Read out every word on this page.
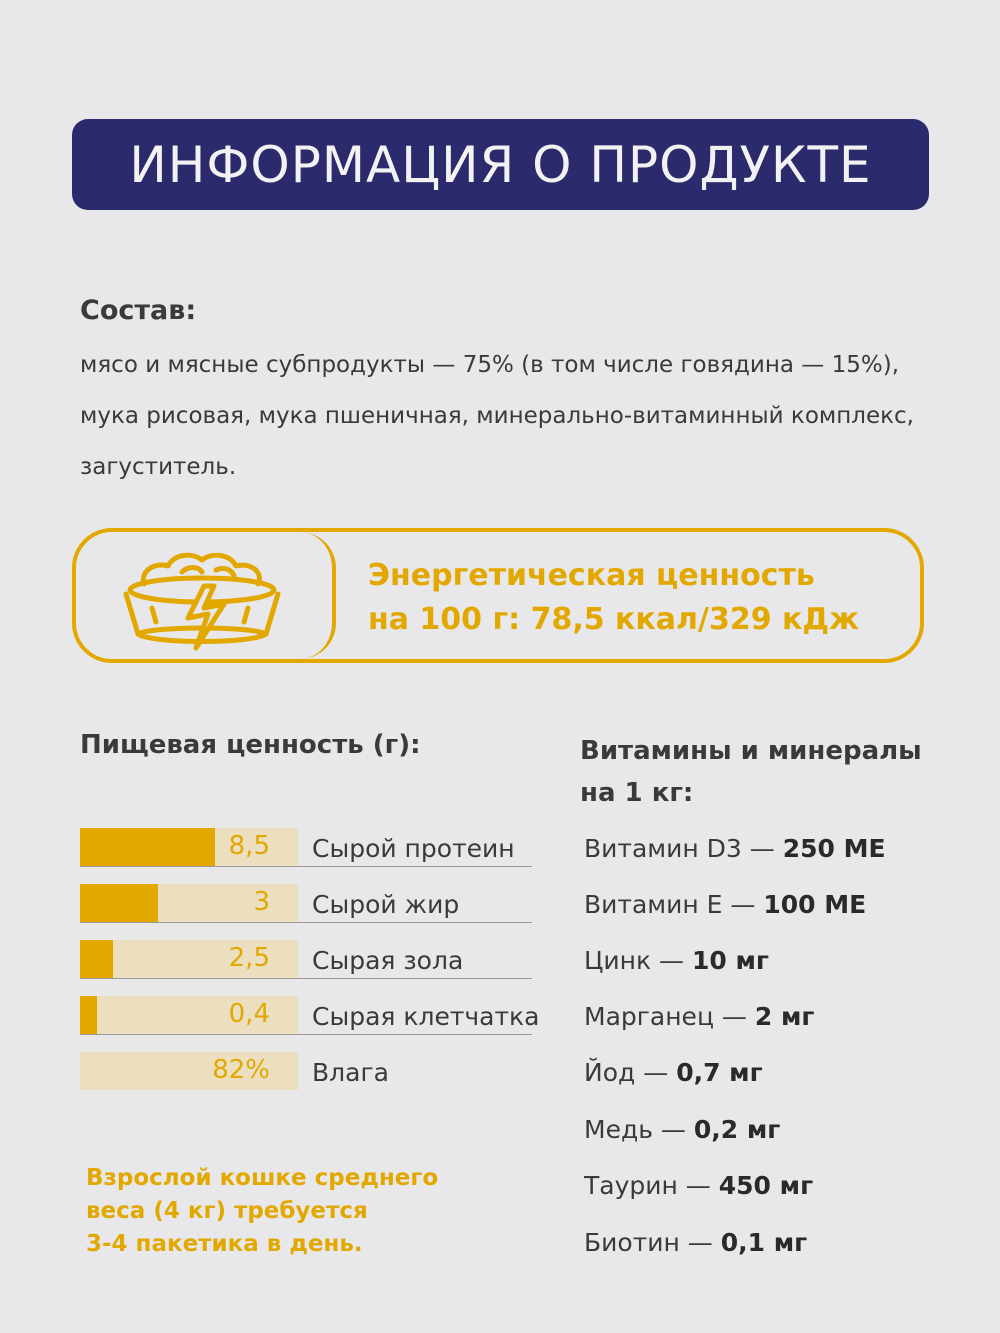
ИНФОРМАЦИЯ О ПРОДУКТЕ
Состав:
мясо и мясные субпродукты — 75% (в том числе говядина — 15%), мука рисовая, мука пшеничная, минерально-витаминный комплекс, загуститель.
Энергетическая ценность
на 100 г: 78,5 ккал/329 кДж
Пищевая ценность (г):
8,5 Сырой протеин
3 Сырой жир
2,5 Сырая зола
0,4 Сырая клетчатка
82% Влага
Витамины и минералы
на 1 кг:
Витамин D3 — 250 МЕ
Витамин Е — 100 МЕ
Цинк — 10 мг
Марганец — 2 мг
Йод — 0,7 мг
Медь — 0,2 мг
Таурин — 450 мг
Биотин — 0,1 мг
Взрослой кошке среднего
веса (4 кг) требуется
3-4 пакетика в день.
